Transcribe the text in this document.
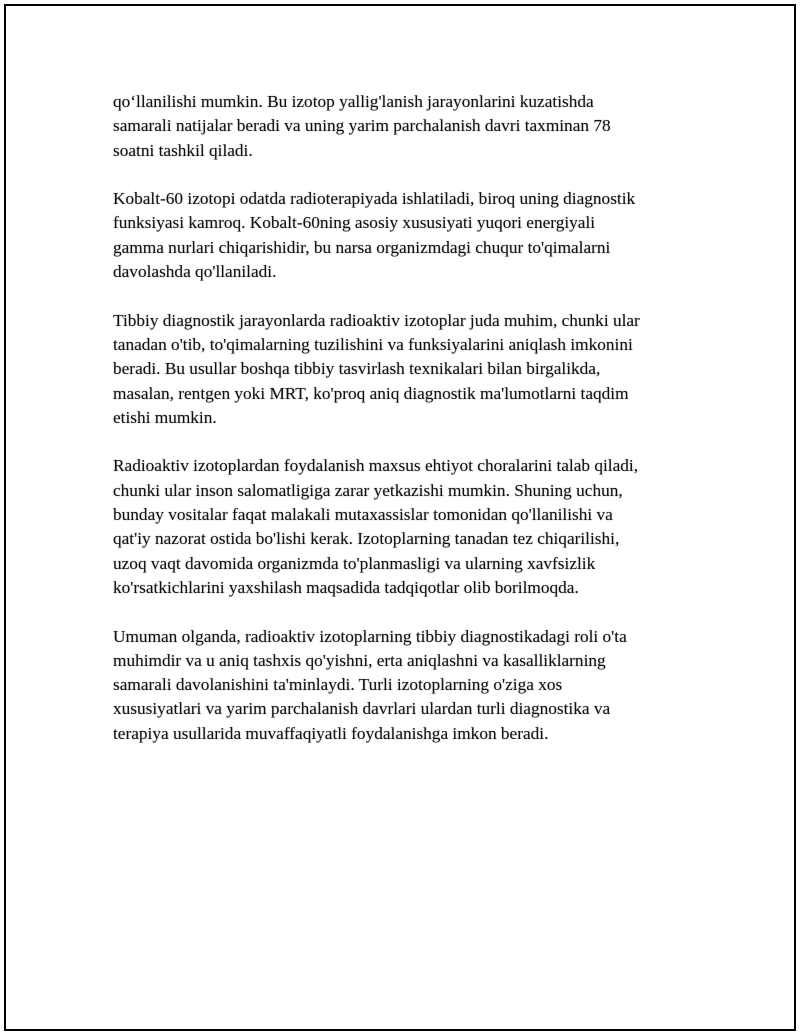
qo‘llanilishi mumkin. Bu izotop yallig'lanish jarayonlarini kuzatishda
samarali natijalar beradi va uning yarim parchalanish davri taxminan 78
soatni tashkil qiladi.

Kobalt-60 izotopi odatda radioterapiyada ishlatiladi, biroq uning diagnostik
funksiyasi kamroq. Kobalt-60ning asosiy xususiyati yuqori energiyali
gamma nurlari chiqarishidir, bu narsa organizmdagi chuqur to'qimalarni
davolashda qo'llaniladi.

Tibbiy diagnostik jarayonlarda radioaktiv izotoplar juda muhim, chunki ular
tanadan o'tib, to'qimalarning tuzilishini va funksiyalarini aniqlash imkonini
beradi. Bu usullar boshqa tibbiy tasvirlash texnikalari bilan birgalikda,
masalan, rentgen yoki MRT, ko'proq aniq diagnostik ma'lumotlarni taqdim
etishi mumkin.

Radioaktiv izotoplardan foydalanish maxsus ehtiyot choralarini talab qiladi,
chunki ular inson salomatligiga zarar yetkazishi mumkin. Shuning uchun,
bunday vositalar faqat malakali mutaxassislar tomonidan qo'llanilishi va
qat'iy nazorat ostida bo'lishi kerak. Izotoplarning tanadan tez chiqarilishi,
uzoq vaqt davomida organizmda to'planmasligi va ularning xavfsizlik
ko'rsatkichlarini yaxshilash maqsadida tadqiqotlar olib borilmoqda.

Umuman olganda, radioaktiv izotoplarning tibbiy diagnostikadagi roli o'ta
muhimdir va u aniq tashxis qo'yishni, erta aniqlashni va kasalliklarning
samarali davolanishini ta'minlaydi. Turli izotoplarning o'ziga xos
xususiyatlari va yarim parchalanish davrlari ulardan turli diagnostika va
terapiya usullarida muvaffaqiyatli foydalanishga imkon beradi.
